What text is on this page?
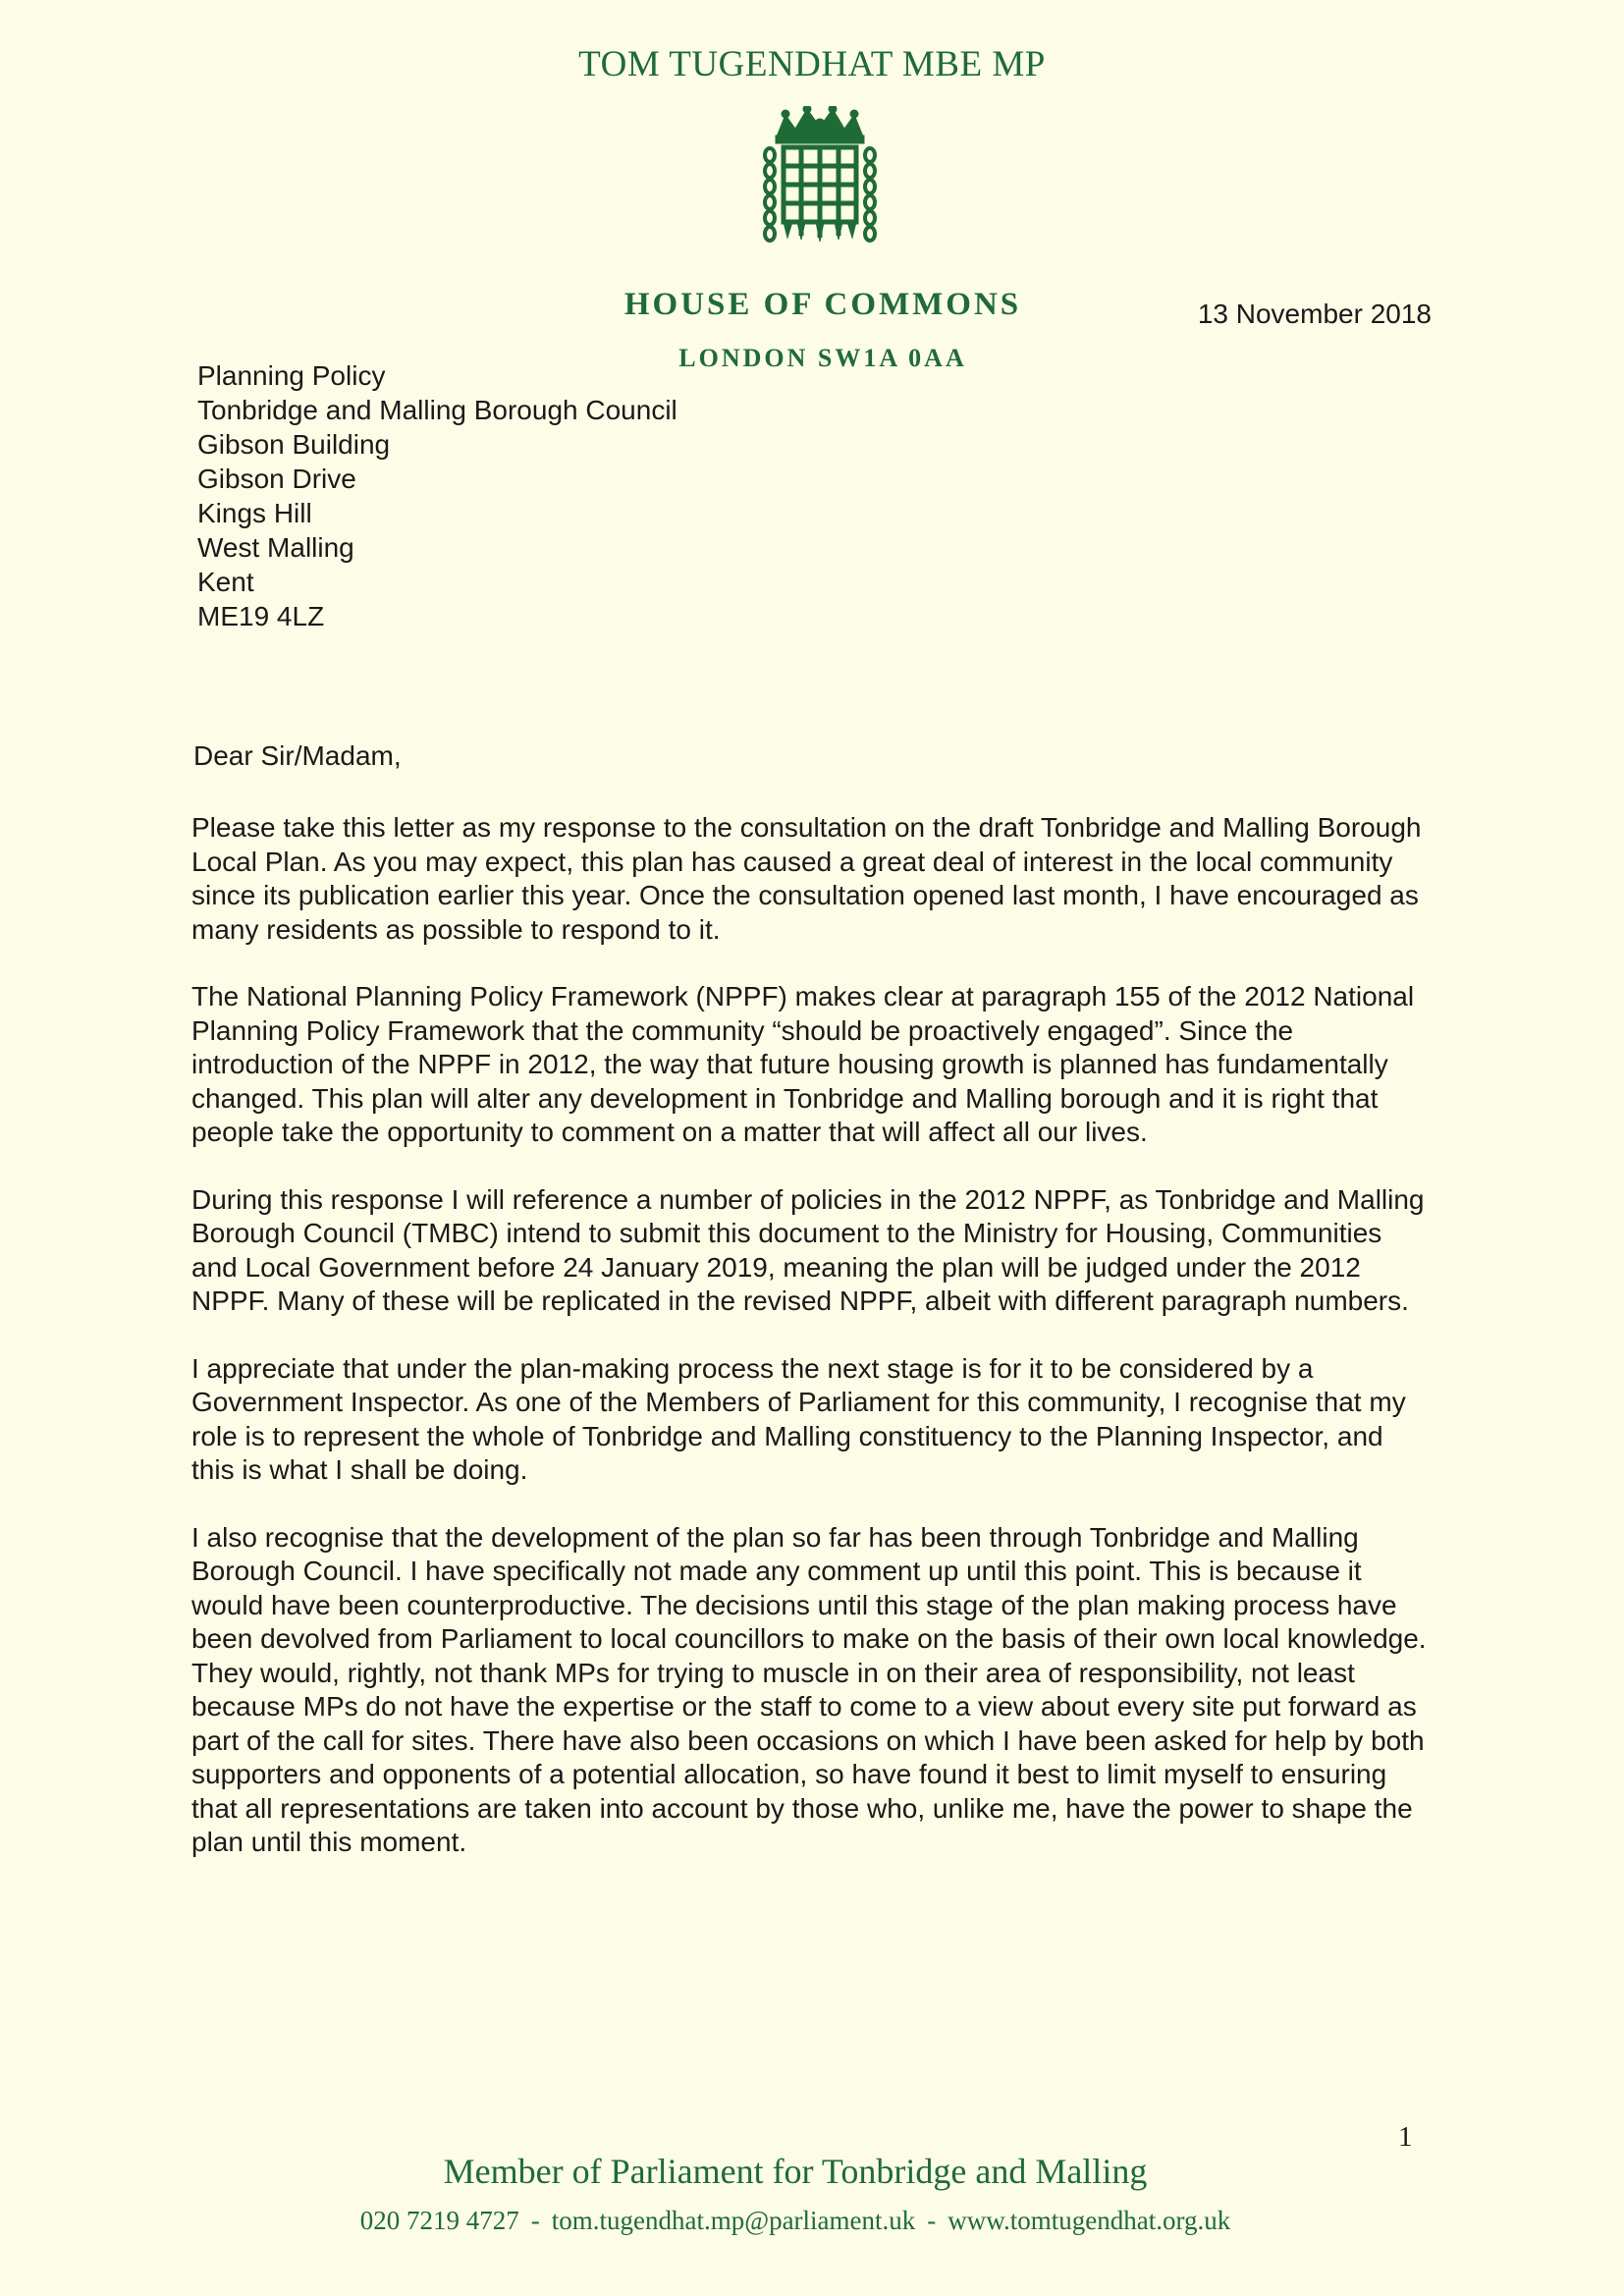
TOM TUGENDHAT MBE MP
HOUSE OF COMMONS
LONDON SW1A 0AA
13 November 2018
Planning Policy
Tonbridge and Malling Borough Council
Gibson Building
Gibson Drive
Kings Hill
West Malling
Kent
ME19 4LZ
Dear Sir/Madam,

Please take this letter as my response to the consultation on the draft Tonbridge and Malling Borough Local Plan. As you may expect, this plan has caused a great deal of interest in the local community since its publication earlier this year. Once the consultation opened last month, I have encouraged as many residents as possible to respond to it.

The National Planning Policy Framework (NPPF) makes clear at paragraph 155 of the 2012 National Planning Policy Framework that the community “should be proactively engaged”. Since the introduction of the NPPF in 2012, the way that future housing growth is planned has fundamentally changed. This plan will alter any development in Tonbridge and Malling borough and it is right that people take the opportunity to comment on a matter that will affect all our lives.

During this response I will reference a number of policies in the 2012 NPPF, as Tonbridge and Malling Borough Council (TMBC) intend to submit this document to the Ministry for Housing, Communities and Local Government before 24 January 2019, meaning the plan will be judged under the 2012 NPPF. Many of these will be replicated in the revised NPPF, albeit with different paragraph numbers.

I appreciate that under the plan-making process the next stage is for it to be considered by a Government Inspector. As one of the Members of Parliament for this community, I recognise that my role is to represent the whole of Tonbridge and Malling constituency to the Planning Inspector, and this is what I shall be doing.

I also recognise that the development of the plan so far has been through Tonbridge and Malling Borough Council. I have specifically not made any comment up until this point. This is because it would have been counterproductive. The decisions until this stage of the plan making process have been devolved from Parliament to local councillors to make on the basis of their own local knowledge. They would, rightly, not thank MPs for trying to muscle in on their area of responsibility, not least because MPs do not have the expertise or the staff to come to a view about every site put forward as part of the call for sites. There have also been occasions on which I have been asked for help by both supporters and opponents of a potential allocation, so have found it best to limit myself to ensuring that all representations are taken into account by those who, unlike me, have the power to shape the plan until this moment.

1
Member of Parliament for Tonbridge and Malling
020 7219 4727 - tom.tugendhat.mp@parliament.uk - www.tomtugendhat.org.uk
